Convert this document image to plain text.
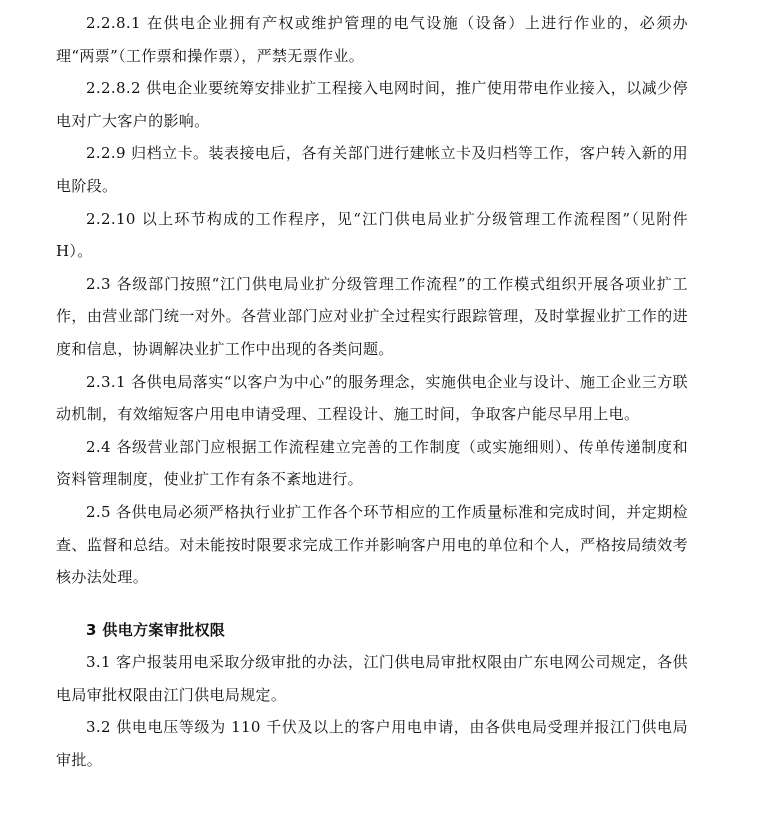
2.2.8.1 在供电企业拥有产权或维护管理的电气设施（设备）上进行作业的，必须办理“两票”（工作票和操作票），严禁无票作业。

2.2.8.2 供电企业要统筹安排业扩工程接入电网时间，推广使用带电作业接入，以减少停电对广大客户的影响。

2.2.9 归档立卡。装表接电后，各有关部门进行建帐立卡及归档等工作，客户转入新的用电阶段。

2.2.10 以上环节构成的工作程序，见“江门供电局业扩分级管理工作流程图”（见附件 H）。

2.3 各级部门按照“江门供电局业扩分级管理工作流程”的工作模式组织开展各项业扩工作，由营业部门统一对外。各营业部门应对业扩全过程实行跟踪管理，及时掌握业扩工作的进度和信息，协调解决业扩工作中出现的各类问题。

2.3.1 各供电局落实“以客户为中心”的服务理念，实施供电企业与设计、施工企业三方联动机制，有效缩短客户用电申请受理、工程设计、施工时间，争取客户能尽早用上电。

2.4 各级营业部门应根据工作流程建立完善的工作制度（或实施细则）、传单传递制度和资料管理制度，使业扩工作有条不紊地进行。

2.5 各供电局必须严格执行业扩工作各个环节相应的工作质量标准和完成时间，并定期检查、监督和总结。对未能按时限要求完成工作并影响客户用电的单位和个人，严格按局绩效考核办法处理。

3 供电方案审批权限

3.1 客户报装用电采取分级审批的办法，江门供电局审批权限由广东电网公司规定，各供电局审批权限由江门供电局规定。

3.2 供电电压等级为 110 千伏及以上的客户用电申请，由各供电局受理并报江门供电局审批。
